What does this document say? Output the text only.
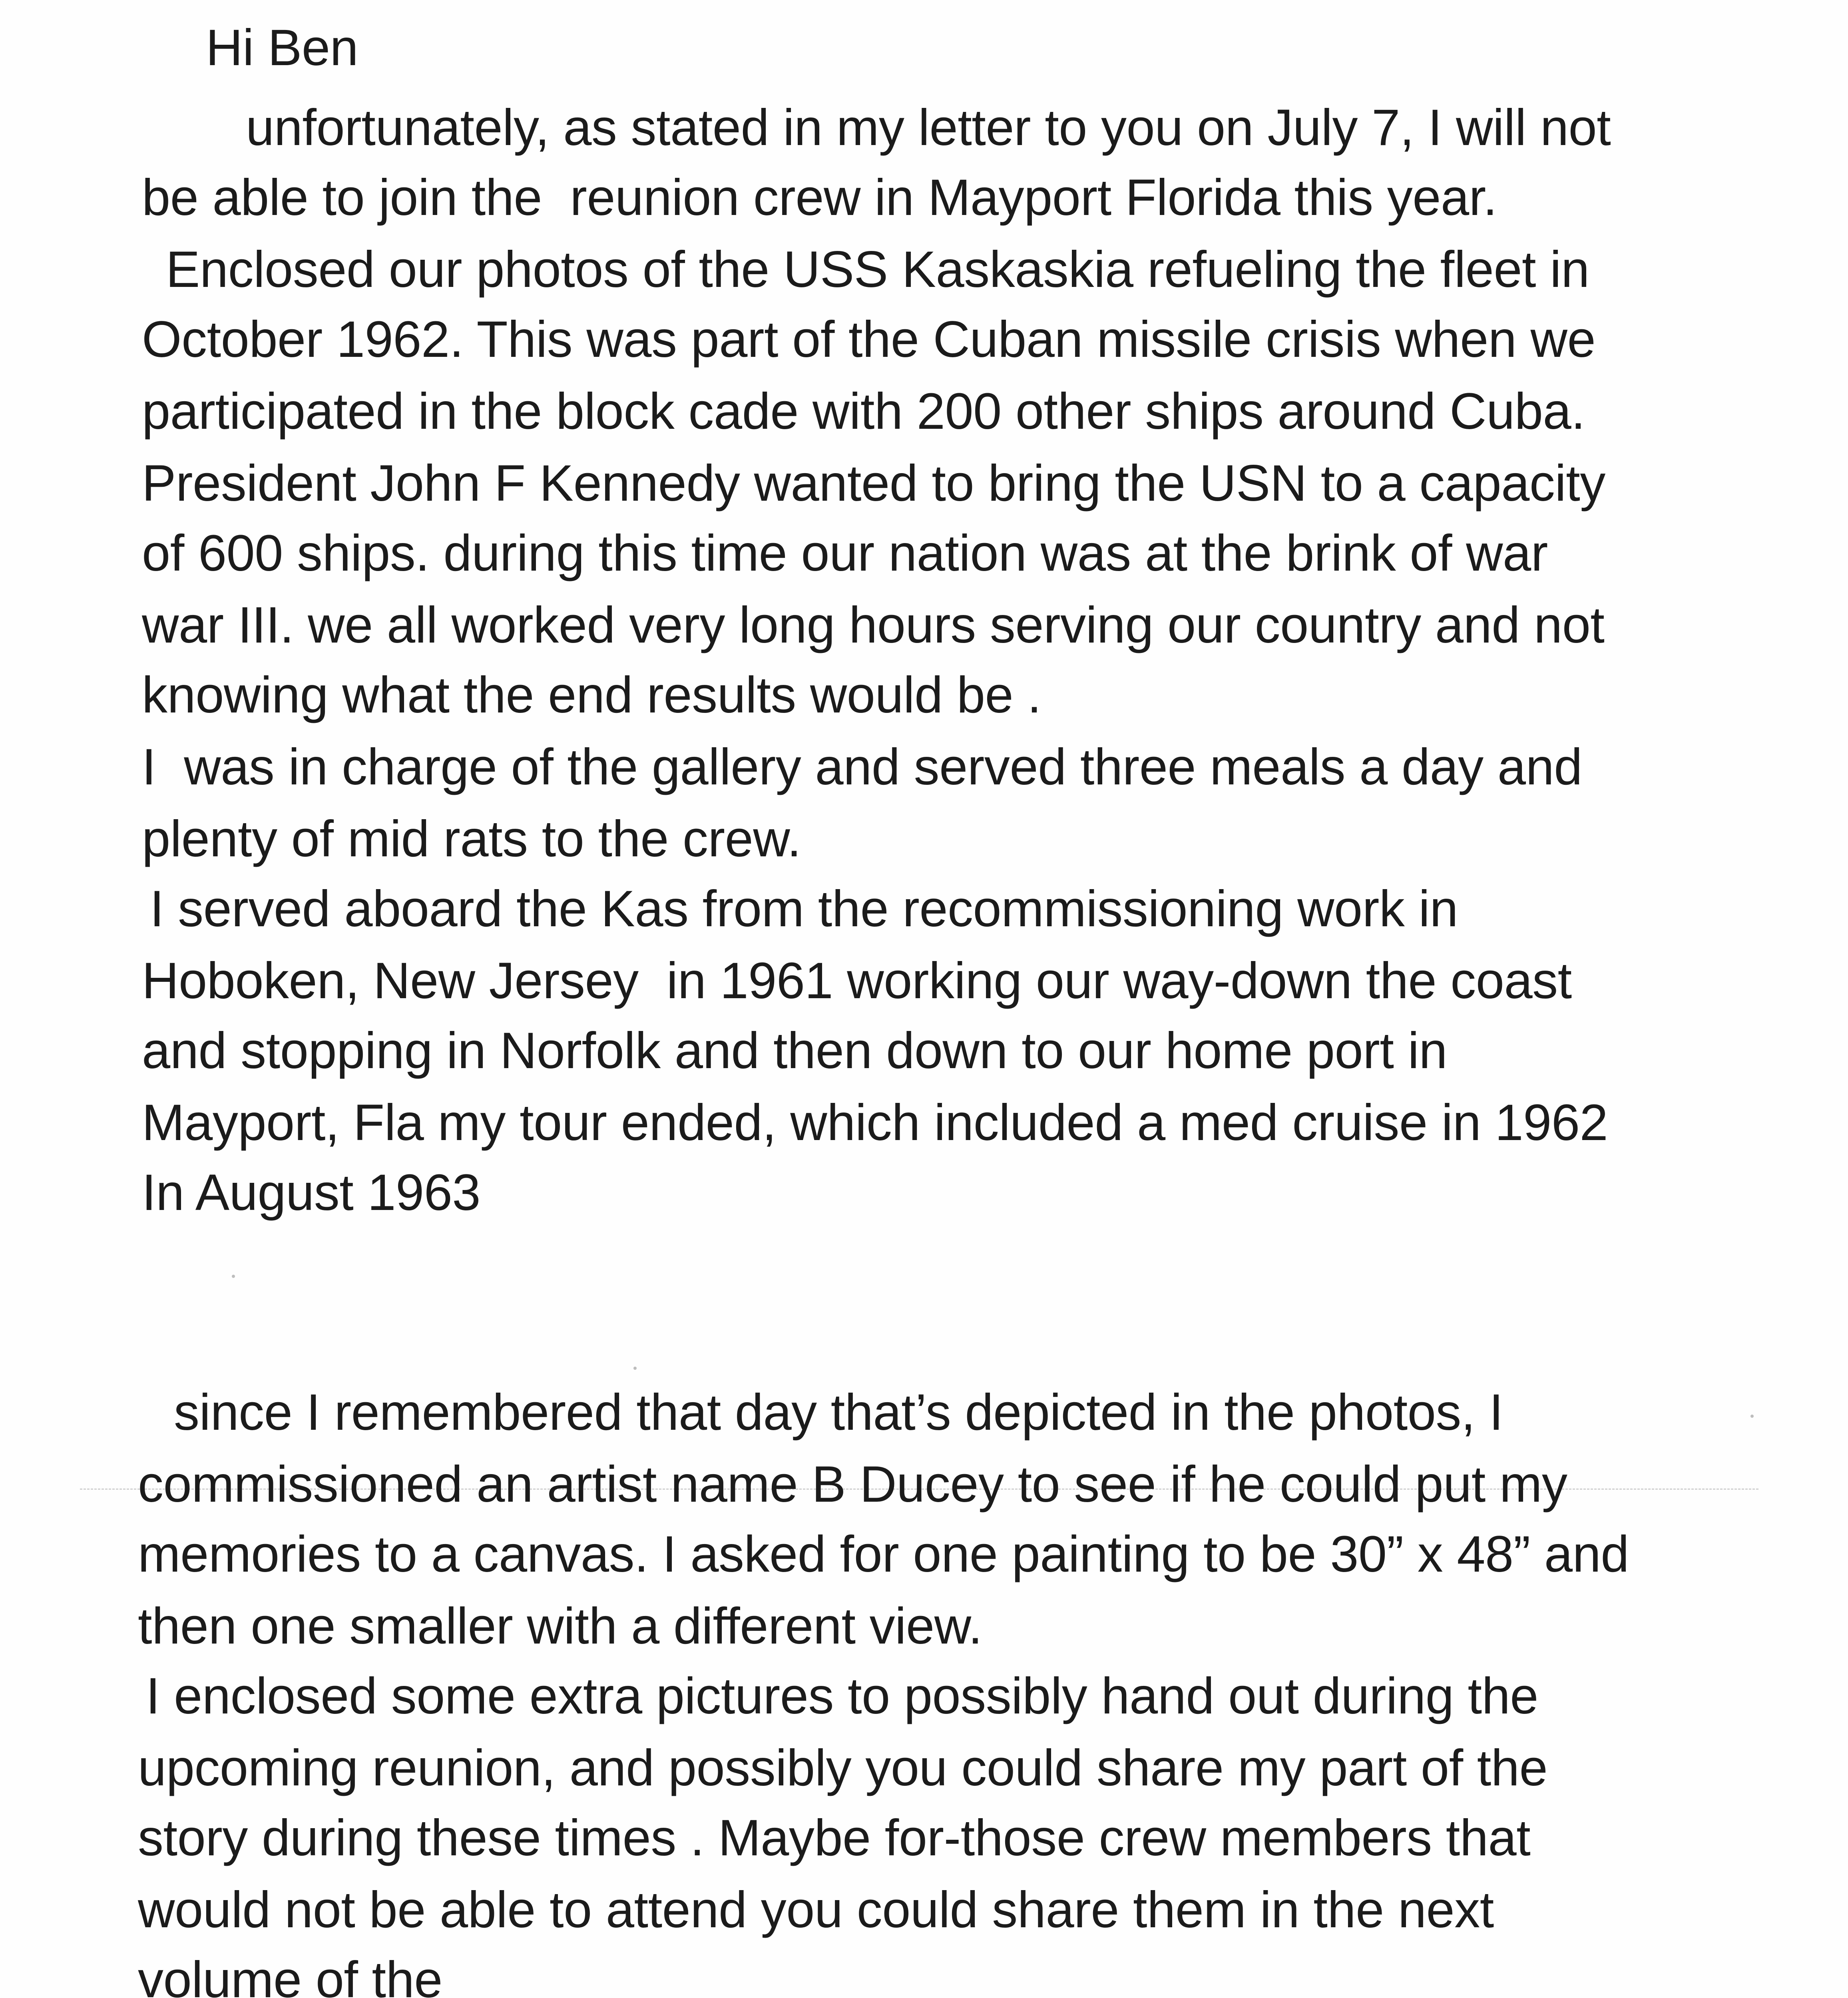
Hi Ben
unfortunately, as stated in my letter to you on July 7, I will not
be able to join the  reunion crew in Mayport Florida this year.
Enclosed our photos of the USS Kaskaskia refueling the fleet in
October 1962. This was part of the Cuban missile crisis when we
participated in the block cade with 200 other ships around Cuba.
President John F Kennedy wanted to bring the USN to a capacity
of 600 ships. during this time our nation was at the brink of war
war III. we all worked very long hours serving our country and not
knowing what the end results would be .
I  was in charge of the gallery and served three meals a day and
plenty of mid rats to the crew.
I served aboard the Kas from the recommissioning work in
Hoboken, New Jersey  in 1961 working our way-down the coast
and stopping in Norfolk and then down to our home port in
Mayport, Fla my tour ended, which included a med cruise in 1962
In August 1963
since I remembered that day that’s depicted in the photos, I
commissioned an artist name B Ducey to see if he could put my
memories to a canvas. I asked for one painting to be 30” x 48” and
then one smaller with a different view.
I enclosed some extra pictures to possibly hand out during the
upcoming reunion, and possibly you could share my part of the
story during these times . Maybe for-those crew members that
would not be able to attend you could share them in the next
volume of the
